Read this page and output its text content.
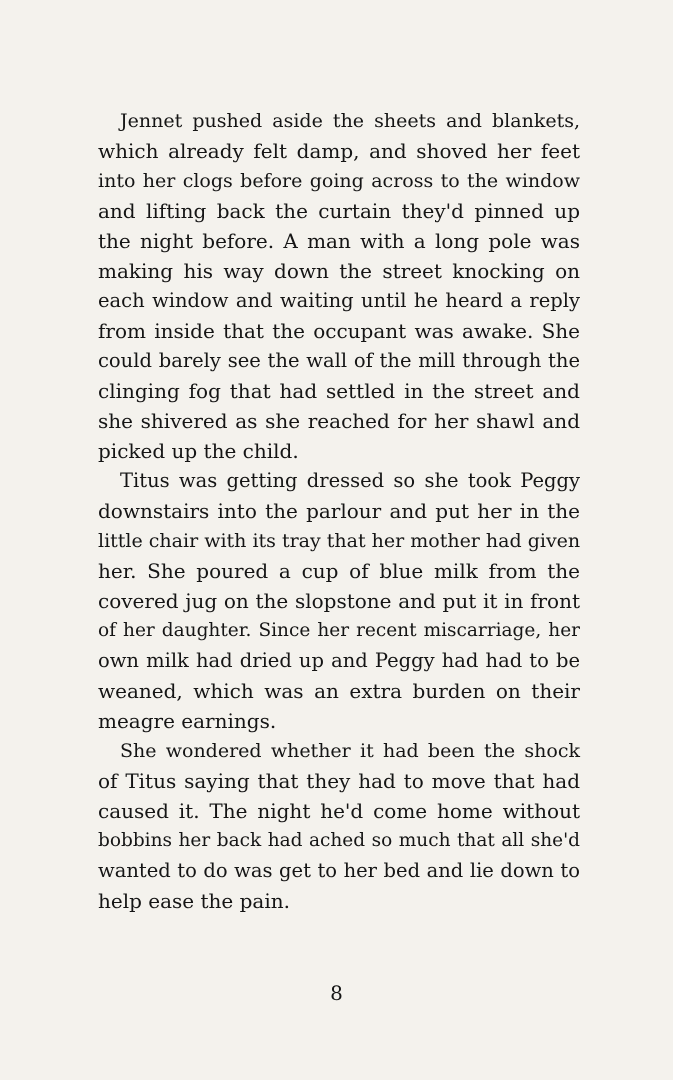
Jennet pushed aside the sheets and blankets,
which already felt damp, and shoved her feet
into her clogs before going across to the window
and lifting back the curtain they'd pinned up
the night before. A man with a long pole was
making his way down the street knocking on
each window and waiting until he heard a reply
from inside that the occupant was awake. She
could barely see the wall of the mill through the
clinging fog that had settled in the street and
she shivered as she reached for her shawl and
picked up the child.
Titus was getting dressed so she took Peggy
downstairs into the parlour and put her in the
little chair with its tray that her mother had given
her. She poured a cup of blue milk from the
covered jug on the slopstone and put it in front
of her daughter. Since her recent miscarriage, her
own milk had dried up and Peggy had had to be
weaned, which was an extra burden on their
meagre earnings.
She wondered whether it had been the shock
of Titus saying that they had to move that had
caused it. The night he'd come home without
bobbins her back had ached so much that all she'd
wanted to do was get to her bed and lie down to
help ease the pain.
8
